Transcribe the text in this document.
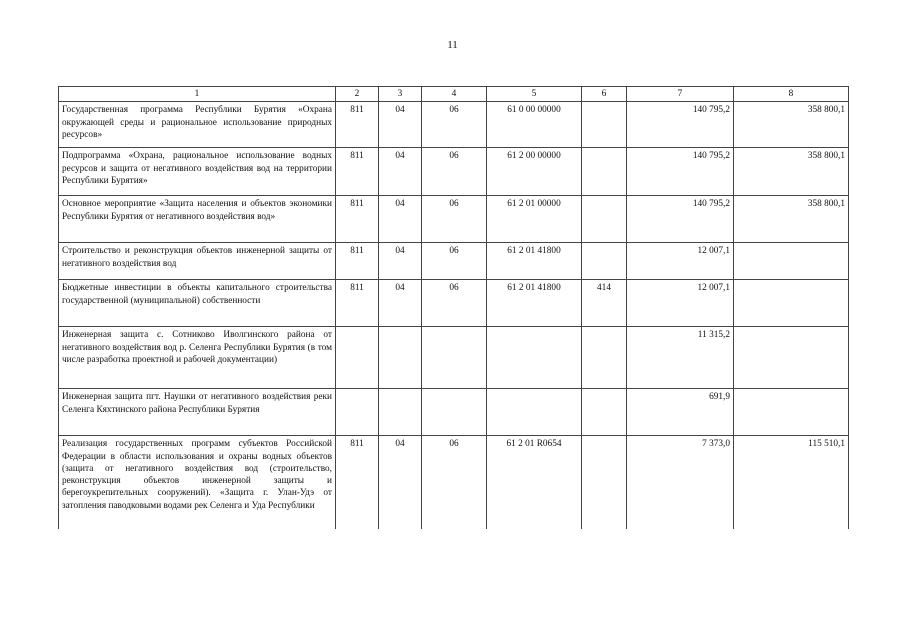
11
1	2	3	4	5	6	7	8
Государственная программа Республики Бурятия «Охрана окружающей среды и рациональное использование природных ресурсов»	811	04	06	61 0 00 00000		140 795,2	358 800,1
Подпрограмма «Охрана, рациональное использование водных ресурсов и защита от негативного воздействия вод на территории Республики Бурятия»	811	04	06	61 2 00 00000		140 795,2	358 800,1
Основное мероприятие «Защита населения и объектов экономики Республики Бурятия от негативного воздействия вод»	811	04	06	61 2 01 00000		140 795,2	358 800,1
Строительство и реконструкция объектов инженерной защиты от негативного воздействия вод	811	04	06	61 2 01 41800		12 007,1	
Бюджетные инвестиции в объекты капитального строительства государственной (муниципальной) собственности	811	04	06	61 2 01 41800	414	12 007,1	
Инженерная защита с. Сотниково Иволгинского района от негативного воздействия вод р. Селенга Республики Бурятия (в том числе разработка проектной и рабочей документации)						11 315,2	
Инженерная защита пгт. Наушки от негативного воздействия реки Селенга Кяхтинского района Республики Бурятия						691,9	
Реализация государственных программ субъектов Российской Федерации в области использования и охраны водных объектов (защита от негативного воздействия вод (строительство, реконструкция объектов инженерной защиты и берегоукрепительных сооружений). «Защита г. Улан-Удэ от затопления паводковыми водами рек Селенга и Уда Республики	811	04	06	61 2 01 R0654		7 373,0	115 510,1
